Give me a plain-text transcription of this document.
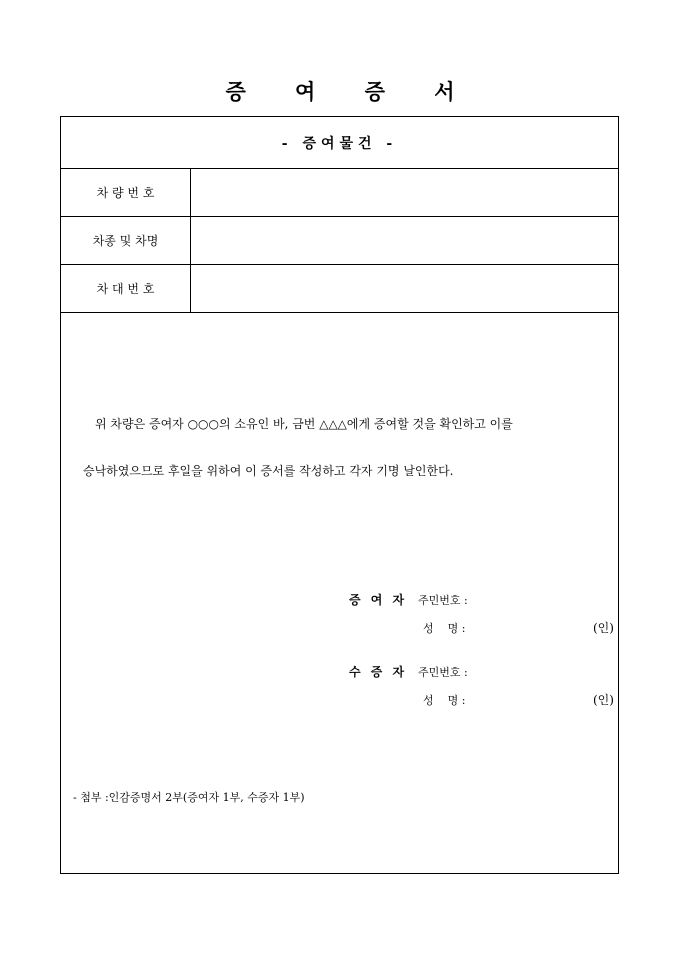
증 여 증 서
- 증여물건 -
차 량 번 호
차종 및 차명
차 대 번 호
위 차량은 증여자 ○○○의 소유인 바, 금번 △△△에게 증여할 것을 확인하고 이를
승낙하였으므로 후일을 위하여 이 증서를 작성하고 각자 기명 날인한다.
증 여 자 주민번호 :
성    명 :	(인)
수 증 자 주민번호 :
성    명 :	(인)
- 첨부 :인감증명서 2부(증여자 1부, 수증자 1부)
